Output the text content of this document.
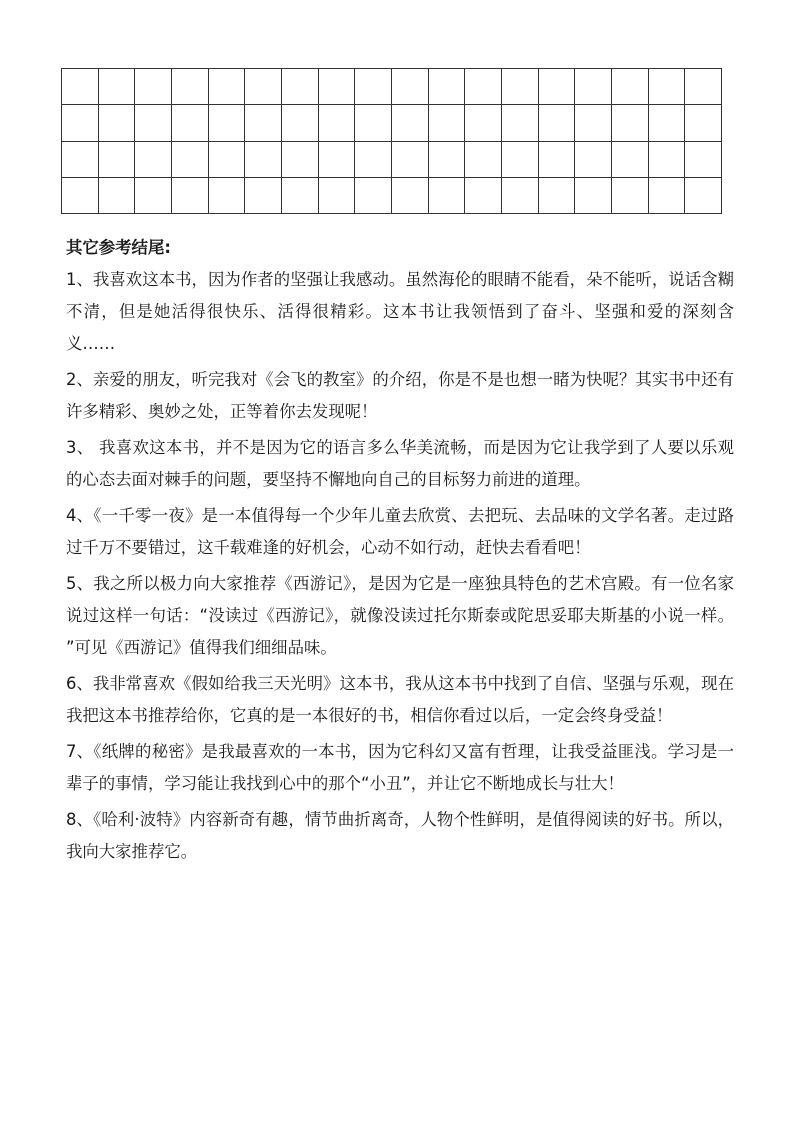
其它参考结尾:

1、我喜欢这本书，因为作者的坚强让我感动。虽然海伦的眼睛不能看，朵不能听，说话含糊不清，但是她活得很快乐、活得很精彩。这本书让我领悟到了奋斗、坚强和爱的深刻含义……

2、亲爱的朋友，听完我对《会飞的教室》的介绍，你是不是也想一睹为快呢？其实书中还有许多精彩、奥妙之处，正等着你去发现呢！

3、 我喜欢这本书，并不是因为它的语言多么华美流畅，而是因为它让我学到了人要以乐观的心态去面对棘手的问题，要坚持不懈地向自己的目标努力前进的道理。

4、《一千零一夜》是一本值得每一个少年儿童去欣赏、去把玩、去品味的文学名著。走过路过千万不要错过，这千载难逢的好机会，心动不如行动，赶快去看看吧！

5、我之所以极力向大家推荐《西游记》，是因为它是一座独具特色的艺术宫殿。有一位名家说过这样一句话：“没读过《西游记》，就像没读过托尔斯泰或陀思妥耶夫斯基的小说一样。 ”可见《西游记》值得我们细细品味。

6、我非常喜欢《假如给我三天光明》这本书，我从这本书中找到了自信、坚强与乐观，现在我把这本书推荐给你，它真的是一本很好的书，相信你看过以后，一定会终身受益！

7、《纸牌的秘密》是我最喜欢的一本书，因为它科幻又富有哲理，让我受益匪浅。学习是一辈子的事情，学习能让我找到心中的那个“小丑”，并让它不断地成长与壮大！

8、《哈利·波特》内容新奇有趣，情节曲折离奇，人物个性鲜明，是值得阅读的好书。所以，我向大家推荐它。
